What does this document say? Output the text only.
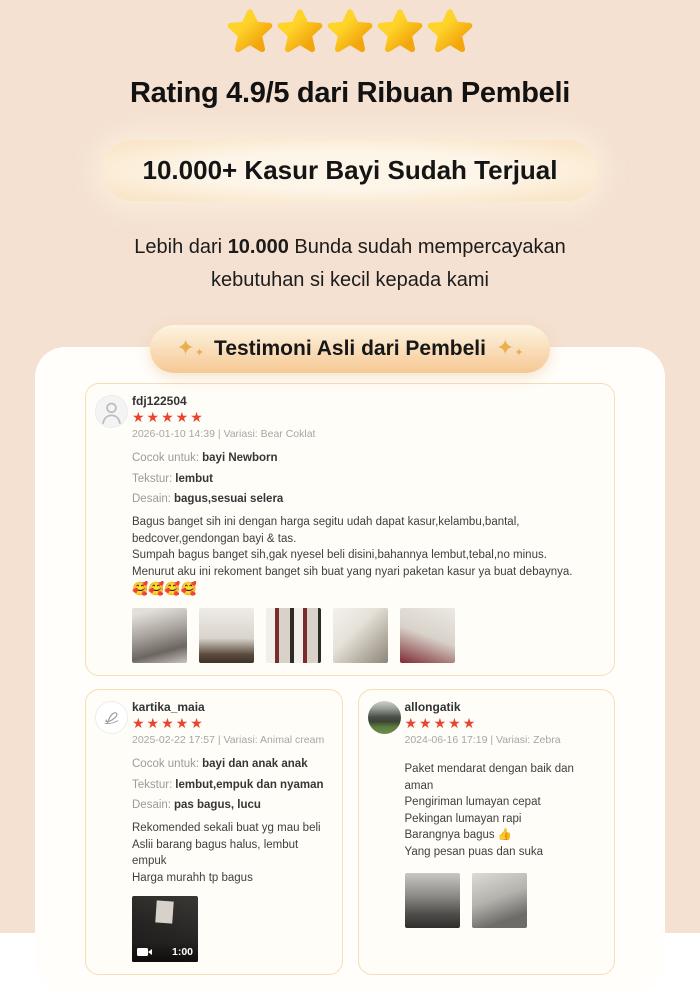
Rating 4.9/5 dari Ribuan Pembeli
10.000+ Kasur Bayi Sudah Terjual
Lebih dari 10.000 Bunda sudah mempercayakan
kebutuhan si kecil kepada kami
✦✦ Testimoni Asli dari Pembeli ✦✦
fdj122504
★★★★★
2026-01-10 14:39 | Variasi: Bear Coklat
Cocok untuk: bayi Newborn
Tekstur: lembut
Desain: bagus,sesuai selera
Bagus banget sih ini dengan harga segitu udah dapat kasur,kelambu,bantal, bedcover,gendongan bayi & tas.
Sumpah bagus banget sih,gak nyesel beli disini,bahannya lembut,tebal,no minus.
Menurut aku ini rekoment banget sih buat yang nyari paketan kasur ya buat debaynya.
🥰🥰🥰🥰
kartika_maia
★★★★★
2025-02-22 17:57 | Variasi: Animal cream
Cocok untuk: bayi dan anak anak
Tekstur: lembut,empuk dan nyaman
Desain: pas bagus, lucu
Rekomended sekali buat yg mau beli
Aslii barang bagus halus, lembut empuk
Harga murahh tp bagus
1:00
allongatik
★★★★★
2024-06-16 17:19 | Variasi: Zebra
Paket mendarat dengan baik dan aman
Pengiriman lumayan cepat
Pekingan lumayan rapi
Barangnya bagus 👍
Yang pesan puas dan suka
